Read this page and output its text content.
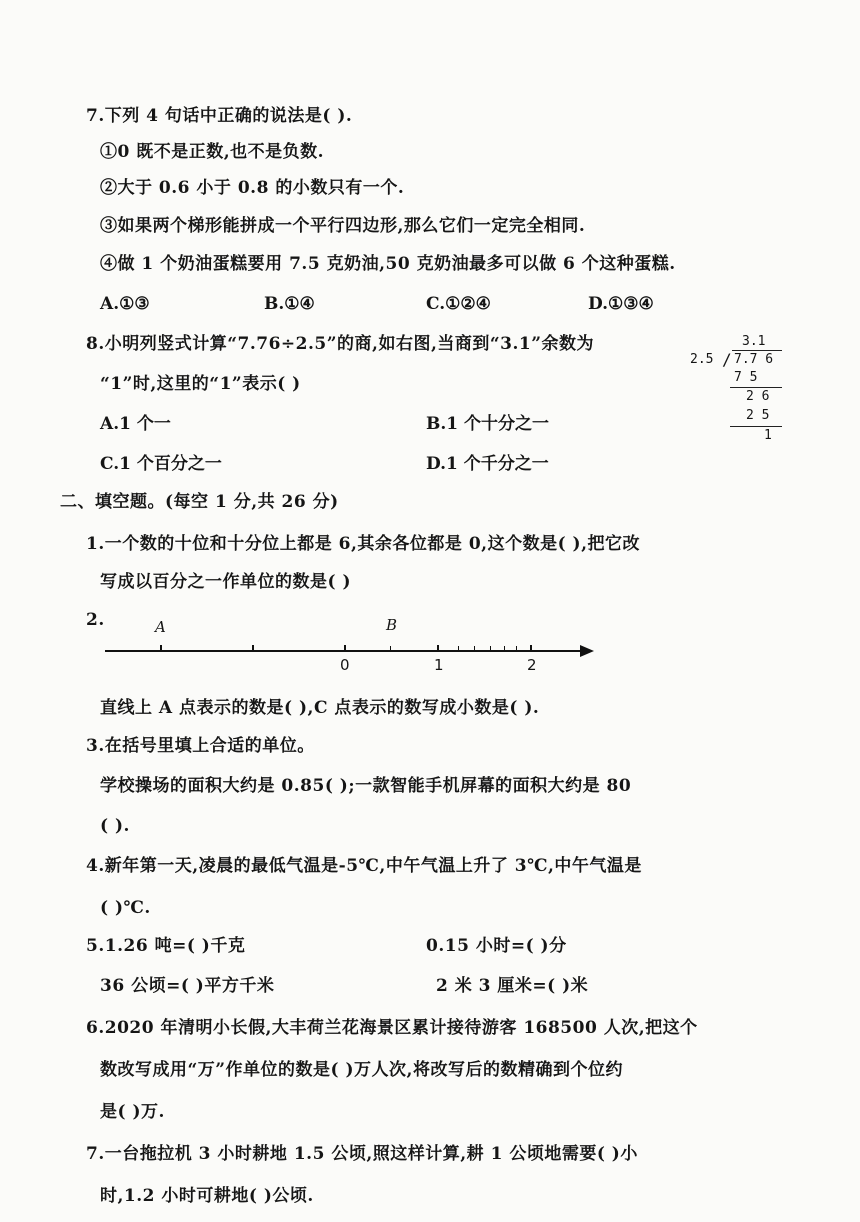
7.下列 4 句话中正确的说法是( ).
①0 既不是正数,也不是负数.
②大于 0.6 小于 0.8 的小数只有一个.
③如果两个梯形能拼成一个平行四边形,那么它们一定完全相同.
④做 1 个奶油蛋糕要用 7.5 克奶油,50 克奶油最多可以做 6 个这种蛋糕.
A.①③	B.①④	C.①②④	D.①③④
8.小明列竖式计算“7.76÷2.5”的商,如右图,当商到“3.1”余数为
“1”时,这里的“1”表示( )
A.1 个一	B.1 个十分之一
C.1 个百分之一	D.1 个千分之一
3.1
2.5 / 7.7 6
7 5
2 6
2 5
1
二、填空题。(每空 1 分,共 26 分)
1.一个数的十位和十分位上都是 6,其余各位都是 0,这个数是( ),把它改
写成以百分之一作单位的数是( )
2.	A	B
0	1	2
直线上 A 点表示的数是( ),C 点表示的数写成小数是( ).
3.在括号里填上合适的单位。
学校操场的面积大约是 0.85( );一款智能手机屏幕的面积大约是 80
( ).
4.新年第一天,凌晨的最低气温是-5℃,中午气温上升了 3℃,中午气温是
( )℃.
5.1.26 吨=( )千克	0.15 小时=( )分
36 公顷=( )平方千米	2 米 3 厘米=( )米
6.2020 年清明小长假,大丰荷兰花海景区累计接待游客 168500 人次,把这个
数改写成用“万”作单位的数是( )万人次,将改写后的数精确到个位约
是( )万.
7.一台拖拉机 3 小时耕地 1.5 公顷,照这样计算,耕 1 公顷地需要( )小
时,1.2 小时可耕地( )公顷.
